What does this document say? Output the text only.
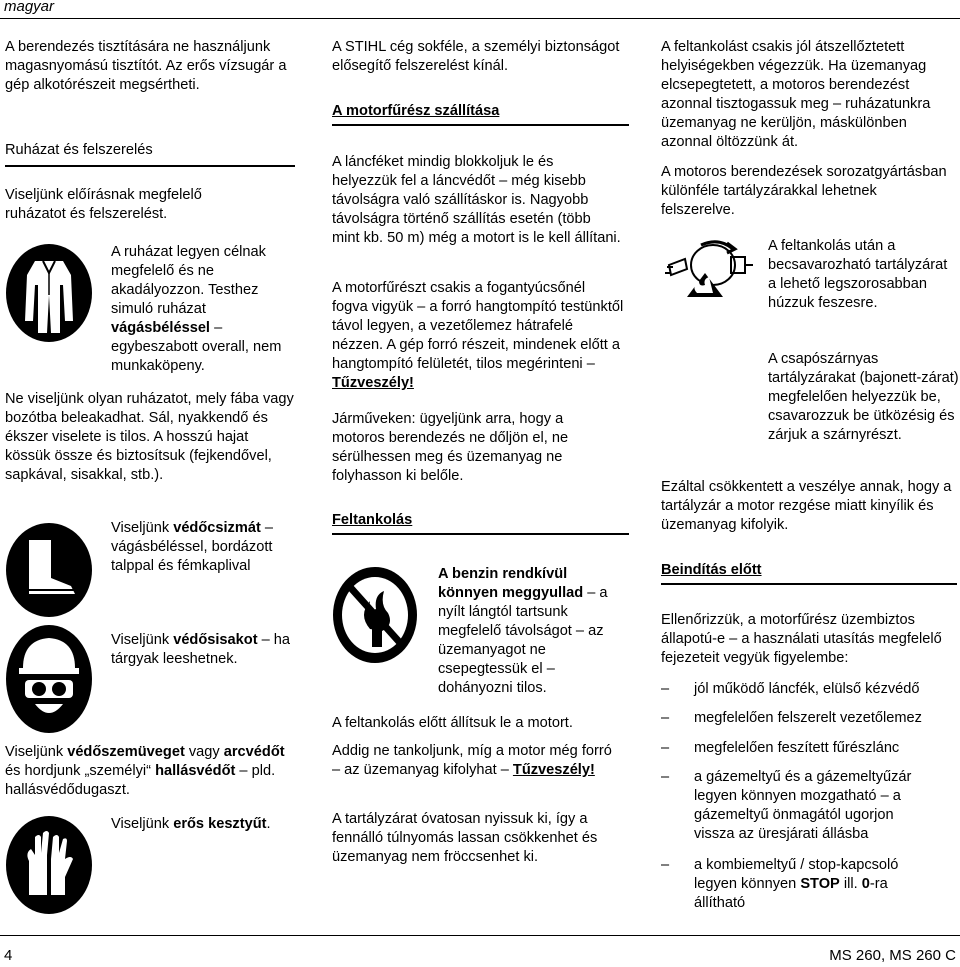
magyar

A berendezés tisztítására ne használjunk magasnyomású tisztítót. Az erős vízsugár a gép alkotórészeit megsértheti.

Ruházat és felszerelés

Viseljünk előírásnak megfelelő ruházatot és felszerelést.

A ruházat legyen célnak megfelelő és ne akadályozzon. Testhez simuló ruházat vágásbéléssel – egybeszabott overall, nem munkaköpeny.

Ne viseljünk olyan ruházatot, mely fába vagy bozótba beleakadhat. Sál, nyakkendő és ékszer viselete is tilos. A hosszú hajat kössük össze és biztosítsuk (fejkendővel, sapkával, sisakkal, stb.).

Viseljünk védőcsizmát – vágásbéléssel, bordázott talppal és fémkaplival

Viseljünk védősisakot – ha tárgyak leeshetnek.

Viseljünk védőszemüveget vagy arcvédőt és hordjunk „személyi“ hallásvédőt – pld. hallásvédődugaszt.

Viseljünk erős kesztyűt.

A STIHL cég sokféle, a személyi biztonságot elősegítő felszerelést kínál.

A motorfűrész szállítása

A láncféket mindig blokkoljuk le és helyezzük fel a láncvédőt – még kisebb távolságra való szállításkor is. Nagyobb távolságra történő szállítás esetén (több mint kb. 50 m) még a motort is le kell állítani.

A motorfűrészt csakis a fogantyúcsőnél fogva vigyük – a forró hangtompító testünktől távol legyen, a vezetőlemez hátrafelé nézzen. A gép forró részeit, mindenek előtt a hangtompító felületét, tilos megérinteni – Tűzveszély!

Járműveken: ügyeljünk arra, hogy a motoros berendezés ne dőljön el, ne sérülhessen meg és üzemanyag ne folyhasson ki belőle.

Feltankolás

A benzin rendkívül könnyen meggyullad – a nyílt lángtól tartsunk megfelelő távolságot – az üzemanyagot ne csepegtessük el – dohányozni tilos.

A feltankolás előtt állítsuk le a motort.

Addig ne tankoljunk, míg a motor még forró – az üzemanyag kifolyhat – Tűzveszély!

A tartályzárat óvatosan nyissuk ki, így a fennálló túlnyomás lassan csökkenhet és üzemanyag nem fröccsenhet ki.

A feltankolást csakis jól átszellőztetett helyiségekben végezzük. Ha üzemanyag elcsepegtetett, a motoros berendezést azonnal tisztogassuk meg – ruházatunkra üzemanyag ne kerüljön, máskülönben azonnal öltözzünk át.

A motoros berendezések sorozatgyártásban különféle tartályzárakkal lehetnek felszerelve.

A feltankolás után a becsavarozható tartályzárat a lehető legszorosabban húzzuk feszesre.

A csapószárnyas tartályzárakat (bajonett-zárat) megfelelően helyezzük be, csavarozzuk be ütközésig és zárjuk a szárnyrészt.

Ezáltal csökkentett a veszélye annak, hogy a tartályzár a motor rezgése miatt kinyílik és üzemanyag kifolyik.

Beindítás előtt

Ellenőrizzük, a motorfűrész üzembiztos állapotú-e – a használati utasítás megfelelő fejezeteit vegyük figyelembe:

– jól működő láncfék, elülső kézvédő
– megfelelően felszerelt vezetőlemez
– megfelelően feszített fűrészlánc
– a gázemeltyű és a gázemeltyűzár legyen könnyen mozgatható – a gázemeltyű önmagától ugorjon vissza az üresjárati állásba
– a kombiemeltyű / stop-kapcsoló legyen könnyen STOP ill. 0-ra állítható
4	MS 260, MS 260 C
